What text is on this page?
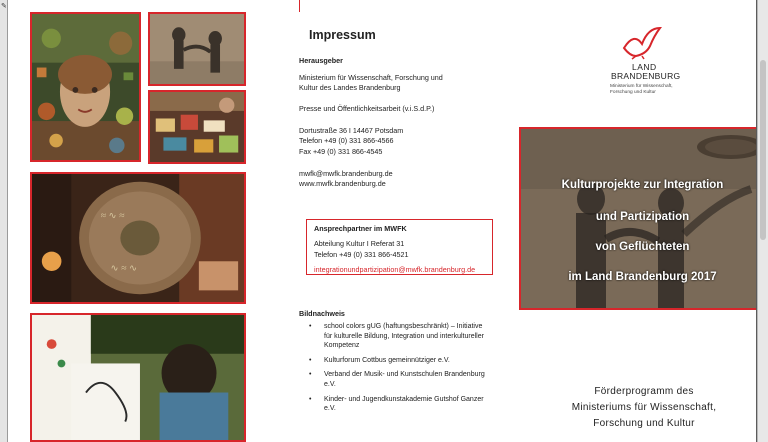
✎
≈ ∿ ≈
∿ ≈ ∿
Impressum
Herausgeber
Ministerium für Wissenschaft, Forschung und
Kultur des Landes Brandenburg
Presse und Öffentlichkeitsarbeit (v.i.S.d.P.)
Dortustraße 36 I 14467 Potsdam
Telefon +49 (0) 331 866-4566
Fax +49 (0) 331 866-4545
mwfk@mwfk.brandenburg.de
www.mwfk.brandenburg.de
Ansprechpartner im MWFK
Abteilung Kultur I Referat 31
Telefon +49 (0) 331 866-4521
integrationundpartizipation@mwfk.brandenburg.de
Bildnachweis
• school colors gUG (haftungsbeschränkt) – Initiative für kulturelle Bildung, Integration und interkultureller Kompetenz
• Kulturforum Cottbus gemeinnütziger e.V.
• Verband der Musik- und Kunstschulen Brandenburg e.V.
• Kinder- und Jugendkunstakademie Gutshof Ganzer e.V.
LAND
BRANDENBURG
Ministerium für Wissenschaft,
Forschung und Kultur
Kulturprojekte zur Integration
und Partizipation
von Geflüchteten
im Land Brandenburg 2017
Förderprogramm des
Ministeriums für Wissenschaft,
Forschung und Kultur
